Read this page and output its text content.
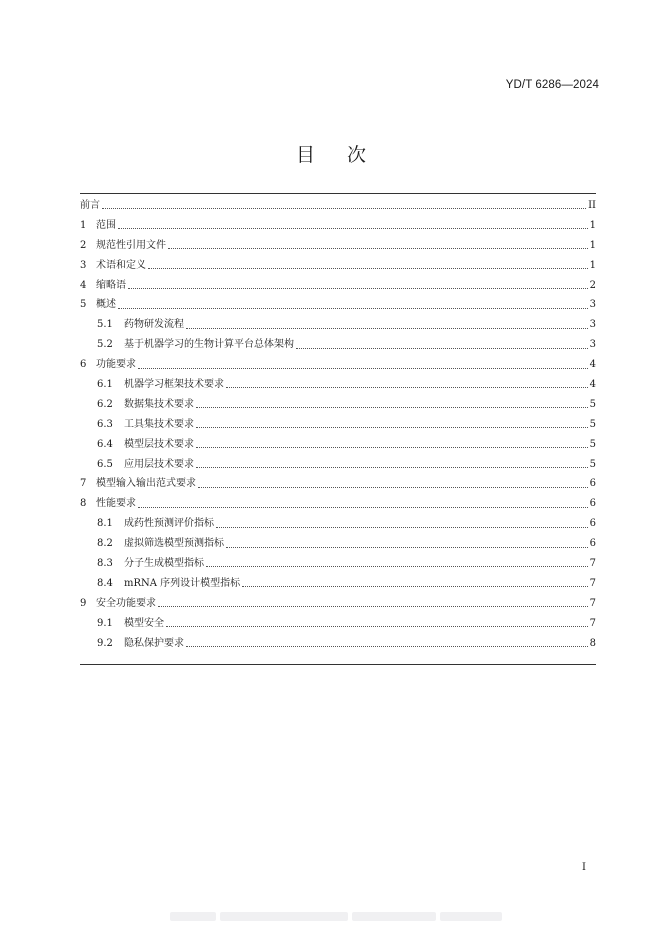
YD/T 6286—2024
目 次
前言	II
1 范围	1
2 规范性引用文件	1
3 术语和定义	1
4 缩略语	2
5 概述	3
5.1	药物研发流程	3
5.2	基于机器学习的生物计算平台总体架构	3
6 功能要求	4
6.1	机器学习框架技术要求	4
6.2	数据集技术要求	5
6.3	工具集技术要求	5
6.4	模型层技术要求	5
6.5	应用层技术要求	5
7 模型输入输出范式要求	6
8 性能要求	6
8.1	成药性预测评价指标	6
8.2	虚拟筛选模型预测指标	6
8.3	分子生成模型指标	7
8.4	mRNA 序列设计模型指标	7
9 安全功能要求	7
9.1	模型安全	7
9.2	隐私保护要求	8
I
